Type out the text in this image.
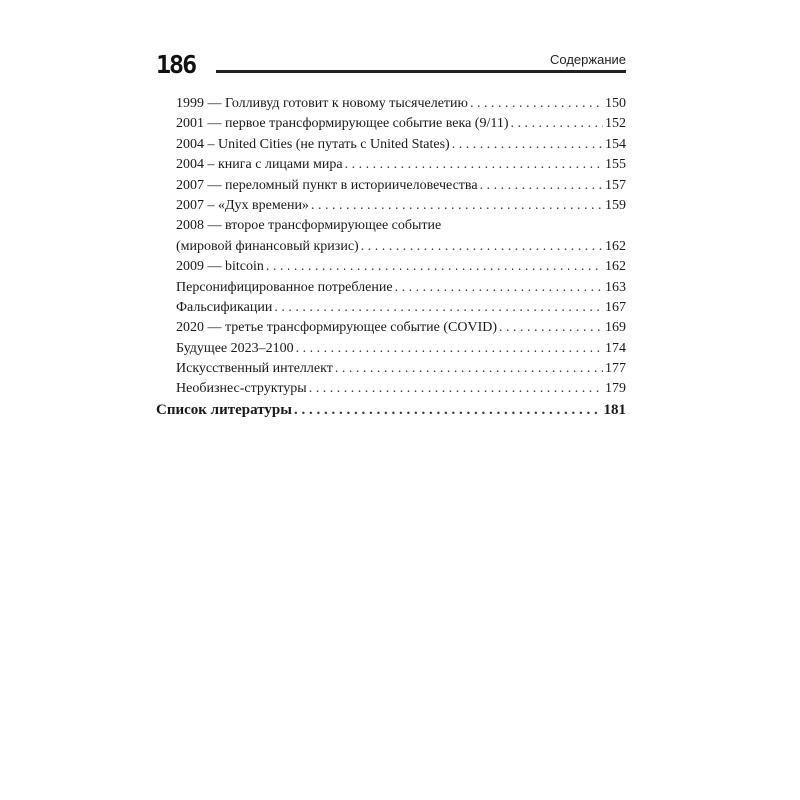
186	Содержание
1999 — Голливуд готовит к новому тысячелетию . . .	150
2001 — первое трансформирующее событие века (9/11) . . .	152
2004 – United Cities (не путать с United States) . . .	154
2004 – книга с лицами мира . . .	155
2007 — переломный пункт в историичеловечества . . .	157
2007 – «Дух времени» . . .	159
2008 — второе трансформирующее событие
(мировой финансовый кризис) . . .	162
2009 — bitcoin . . .	162
Персонифицированное потребление . . .	163
Фальсификации . . .	167
2020 — третье трансформирующее событие (COVID) . . .	169
Будущее 2023–2100 . . .	174
Искусственный интеллект . . .	177
Необизнес-структуры . . .	179
Список литературы . . .	181
